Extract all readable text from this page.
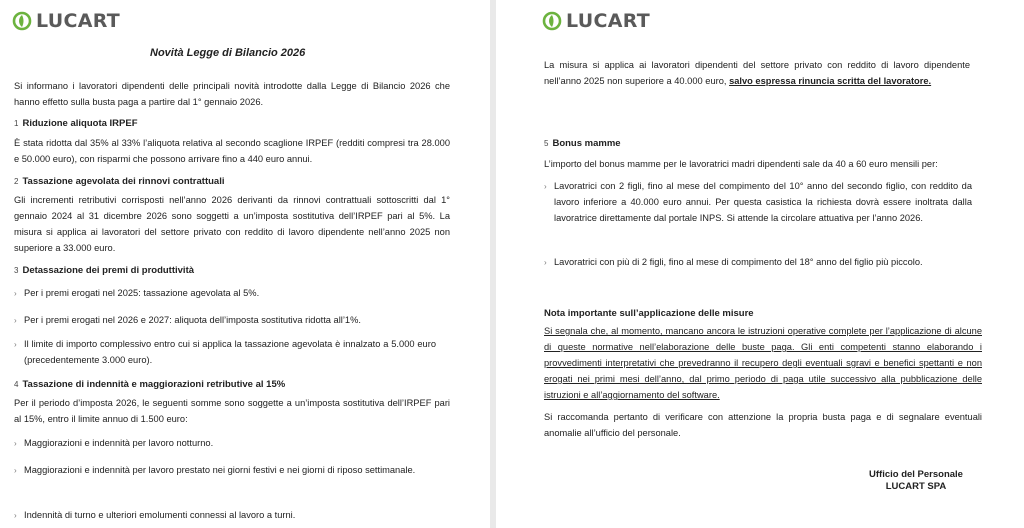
LUCART
Novità Legge di Bilancio 2026

Si informano i lavoratori dipendenti delle principali novità introdotte dalla Legge di Bilancio 2026 che hanno effetto sulla busta paga a partire dal 1° gennaio 2026.

1 Riduzione aliquota IRPEF

È stata ridotta dal 35% al 33% l’aliquota relativa al secondo scaglione IRPEF (redditi compresi tra 28.000 e 50.000 euro), con risparmi che possono arrivare fino a 440 euro annui.

2 Tassazione agevolata dei rinnovi contrattuali

Gli incrementi retributivi corrisposti nell’anno 2026 derivanti da rinnovi contrattuali sottoscritti dal 1° gennaio 2024 al 31 dicembre 2026 sono soggetti a un’imposta sostitutiva dell’IRPEF pari al 5%. La misura si applica ai lavoratori del settore privato con reddito di lavoro dipendente nell’anno 2025 non superiore a 33.000 euro.

3 Detassazione dei premi di produttività
› Per i premi erogati nel 2025: tassazione agevolata al 5%.
› Per i premi erogati nel 2026 e 2027: aliquota dell’imposta sostitutiva ridotta all’1%.
› Il limite di importo complessivo entro cui si applica la tassazione agevolata è innalzato a 5.000 euro (precedentemente 3.000 euro).
4 Tassazione di indennità e maggiorazioni retributive al 15%

Per il periodo d’imposta 2026, le seguenti somme sono soggette a un’imposta sostitutiva dell’IRPEF pari al 15%, entro il limite annuo di 1.500 euro:

› Maggiorazioni e indennità per lavoro notturno.
› Maggiorazioni e indennità per lavoro prestato nei giorni festivi e nei giorni di riposo settimanale.
› Indennità di turno e ulteriori emolumenti connessi al lavoro a turni.
LUCART

La misura si applica ai lavoratori dipendenti del settore privato con reddito di lavoro dipendente nell’anno 2025 non superiore a 40.000 euro, salvo espressa rinuncia scritta del lavoratore.

5 Bonus mamme

L’importo del bonus mamme per le lavoratrici madri dipendenti sale da 40 a 60 euro mensili per:

› Lavoratrici con 2 figli, fino al mese del compimento del 10° anno del secondo figlio, con reddito da lavoro inferiore a 40.000 euro annui. Per questa casistica la richiesta dovrà essere inoltrata dalla lavoratrice direttamente dal portale INPS. Si attende la circolare attuativa per l’anno 2026.
› Lavoratrici con più di 2 figli, fino al mese di compimento del 18° anno del figlio più piccolo.
Nota importante sull’applicazione delle misure

Si segnala che, al momento, mancano ancora le istruzioni operative complete per l’applicazione di alcune di queste normative nell’elaborazione delle buste paga. Gli enti competenti stanno elaborando i provvedimenti interpretativi che prevedranno il recupero degli eventuali sgravi e benefici spettanti e non erogati nei primi mesi dell’anno, dal primo periodo di paga utile successivo alla pubblicazione delle istruzioni e all’aggiornamento del software.

Si raccomanda pertanto di verificare con attenzione la propria busta paga e di segnalare eventuali anomalie all’ufficio del personale.

Ufficio del Personale
LUCART SPA
